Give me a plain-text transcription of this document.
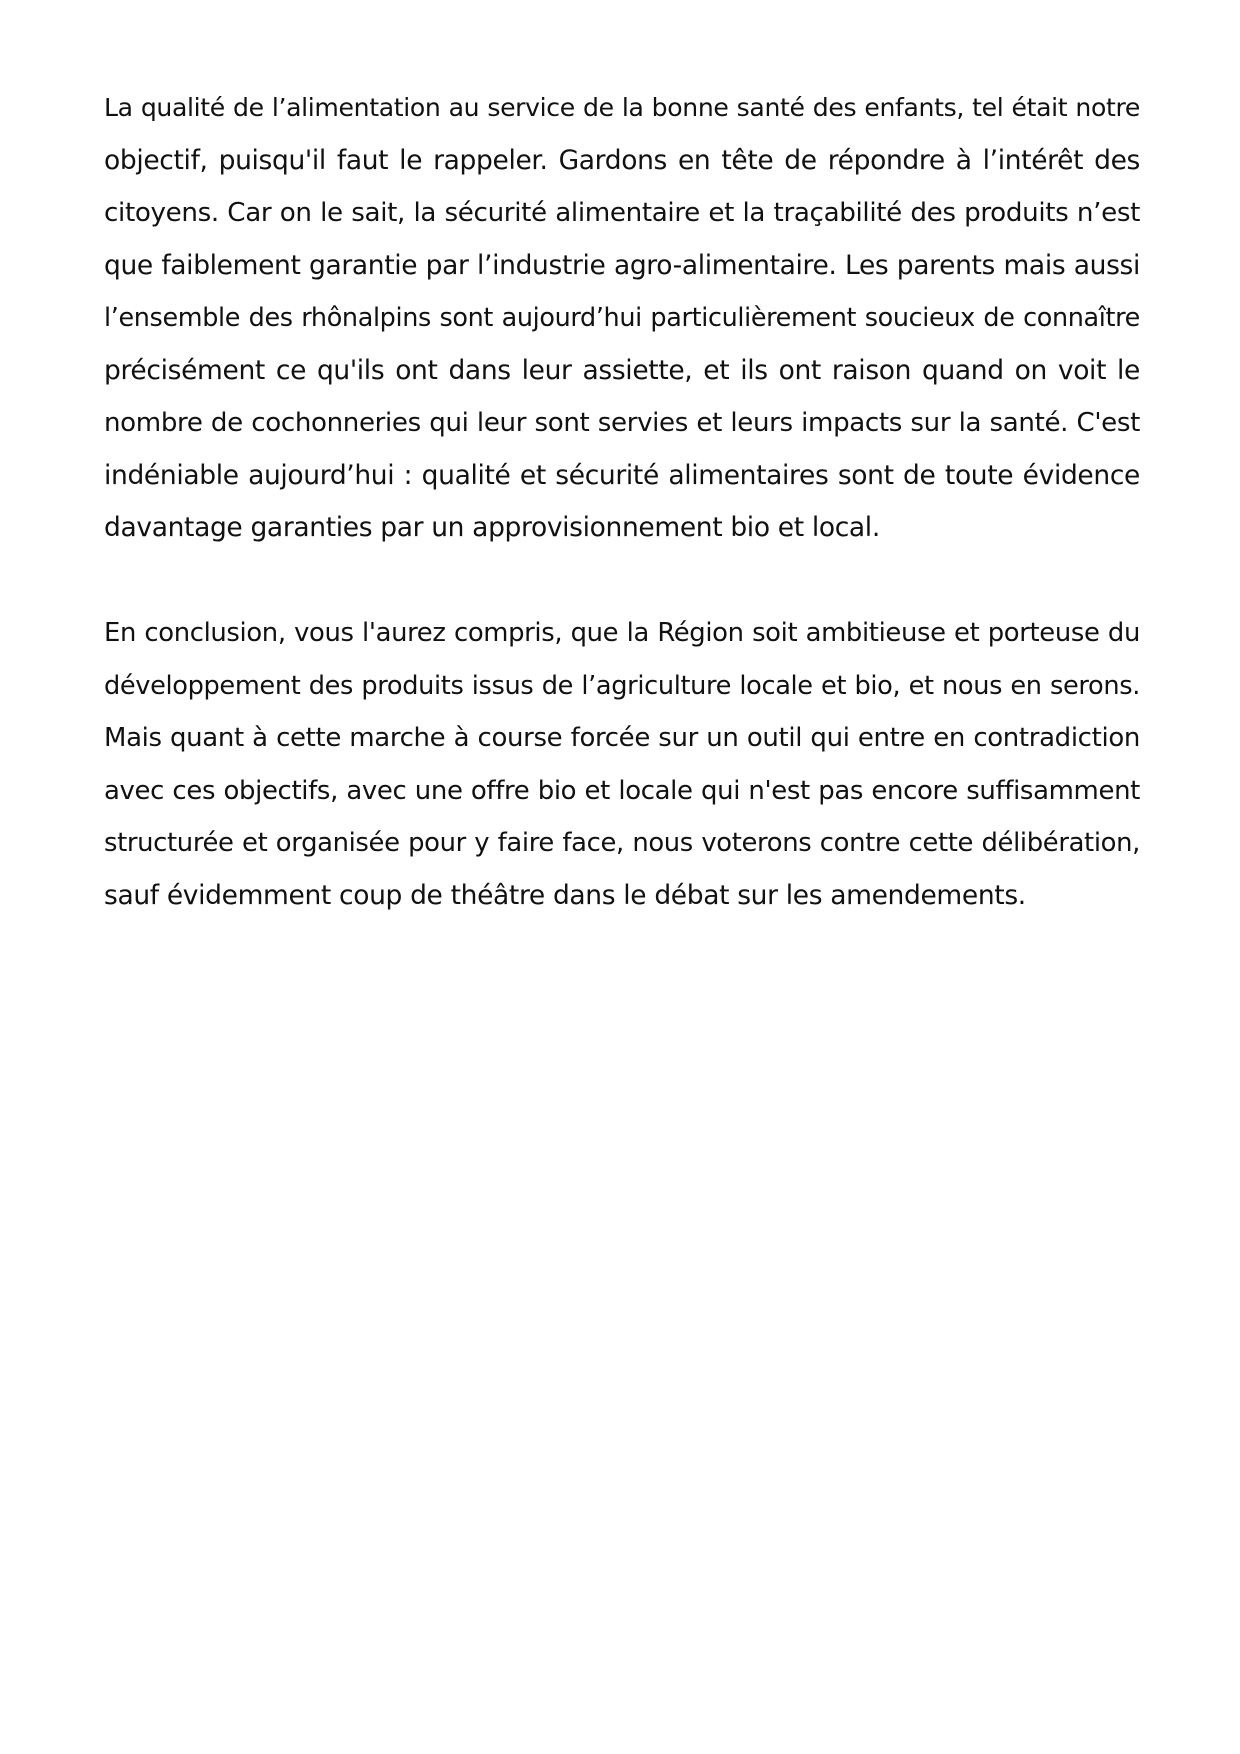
La qualité de l’alimentation au service de la bonne santé des enfants, tel était notre
objectif, puisqu'il faut le rappeler. Gardons en tête de répondre à l’intérêt des
citoyens. Car on le sait, la sécurité alimentaire et la traçabilité des produits n’est
que faiblement garantie par l’industrie agro-alimentaire. Les parents mais aussi
l’ensemble des rhônalpins sont aujourd’hui particulièrement soucieux de connaître
précisément ce qu'ils ont dans leur assiette, et ils ont raison quand on voit le
nombre de cochonneries qui leur sont servies et leurs impacts sur la santé. C'est
indéniable aujourd’hui : qualité et sécurité alimentaires sont de toute évidence
davantage garanties par un approvisionnement bio et local.
En conclusion, vous l'aurez compris, que la Région soit ambitieuse et porteuse du
développement des produits issus de l’agriculture locale et bio, et nous en serons.
Mais quant à cette marche à course forcée sur un outil qui entre en contradiction
avec ces objectifs, avec une offre bio et locale qui n'est pas encore suffisamment
structurée et organisée pour y faire face, nous voterons contre cette délibération,
sauf évidemment coup de théâtre dans le débat sur les amendements.
